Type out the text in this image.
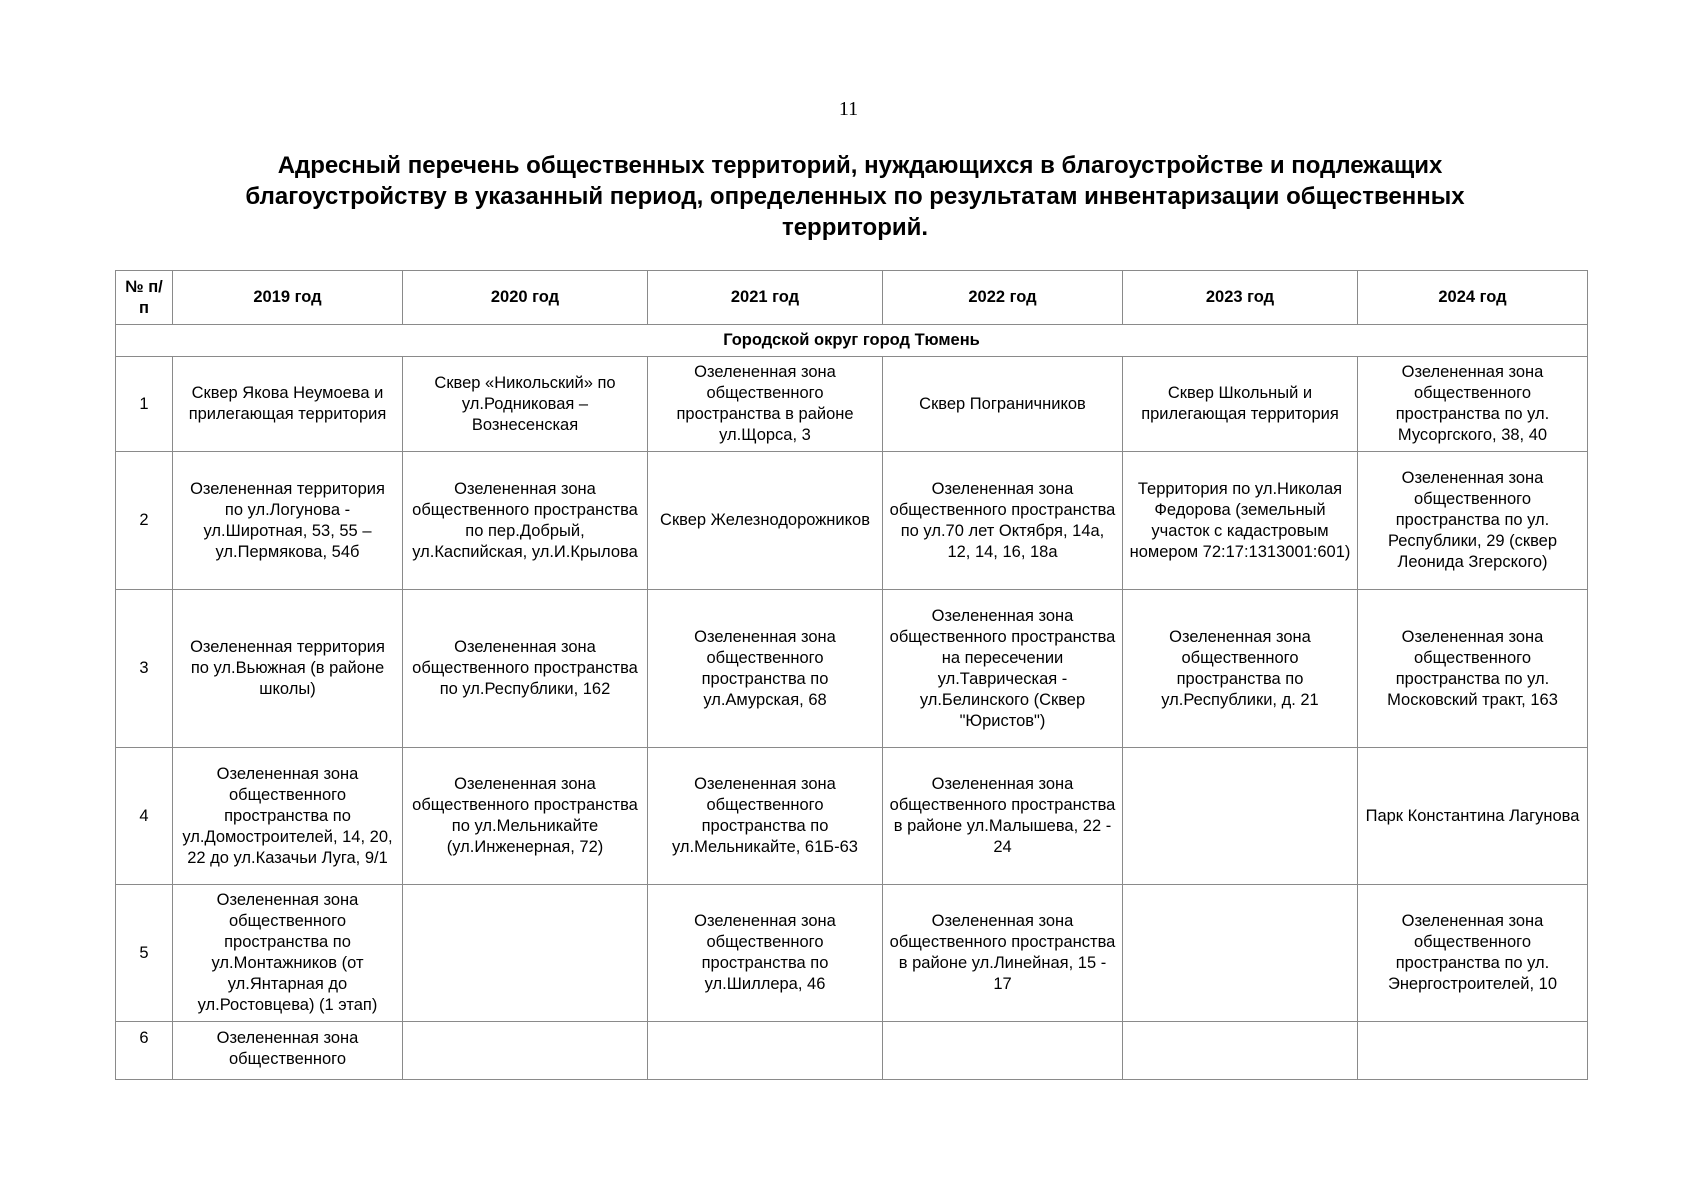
11
Адресный перечень общественных территорий, нуждающихся в благоустройстве и подлежащих
благоустройству в указанный период, определенных по результатам инвентаризации общественных
территорий.
№ п/п	2019 год	2020 год	2021 год	2022 год	2023 год	2024 год
Городской округ город Тюмень						
1	Сквер Якова Неумоева и прилегающая территория	Сквер «Никольский» по ул.Родниковая – Вознесенская	Озелененная зона общественного пространства в районе ул.Щорса, 3	Сквер Пограничников	Сквер Школьный и прилегающая территория	Озелененная зона общественного пространства по ул. Мусоргского, 38, 40
2	Озелененная территория по ул.Логунова - ул.Широтная, 53, 55 – ул.Пермякова, 54б	Озелененная зона общественного пространства по пер.Добрый, ул.Каспийская, ул.И.Крылова	Сквер Железнодорожников	Озелененная зона общественного пространства по ул.70 лет Октября, 14а, 12, 14, 16, 18а	Территория по ул.Николая Федорова (земельный участок с кадастровым номером 72:17:1313001:601)	Озелененная зона общественного пространства по ул. Республики, 29 (сквер Леонида Згерского)
3	Озелененная территория по ул.Вьюжная (в районе школы)	Озелененная зона общественного пространства по ул.Республики, 162	Озелененная зона общественного пространства по ул.Амурская, 68	Озелененная зона общественного пространства на пересечении ул.Таврическая - ул.Белинского (Сквер "Юристов")	Озелененная зона общественного пространства по ул.Республики, д. 21	Озелененная зона общественного пространства по ул. Московский тракт, 163
4	Озелененная зона общественного пространства по ул.Домостроителей, 14, 20, 22 до ул.Казачьи Луга, 9/1	Озелененная зона общественного пространства по ул.Мельникайте (ул.Инженерная, 72)	Озелененная зона общественного пространства по ул.Мельникайте, 61Б-63	Озелененная зона общественного пространства в районе ул.Малышева, 22 - 24		Парк Константина Лагунова
5	Озелененная зона общественного пространства по ул.Монтажников (от ул.Янтарная до ул.Ростовцева) (1 этап)		Озелененная зона общественного пространства по ул.Шиллера, 46	Озелененная зона общественного пространства в районе ул.Линейная, 15 - 17		Озелененная зона общественного пространства по ул. Энергостроителей, 10
6	Озелененная зона общественного					
